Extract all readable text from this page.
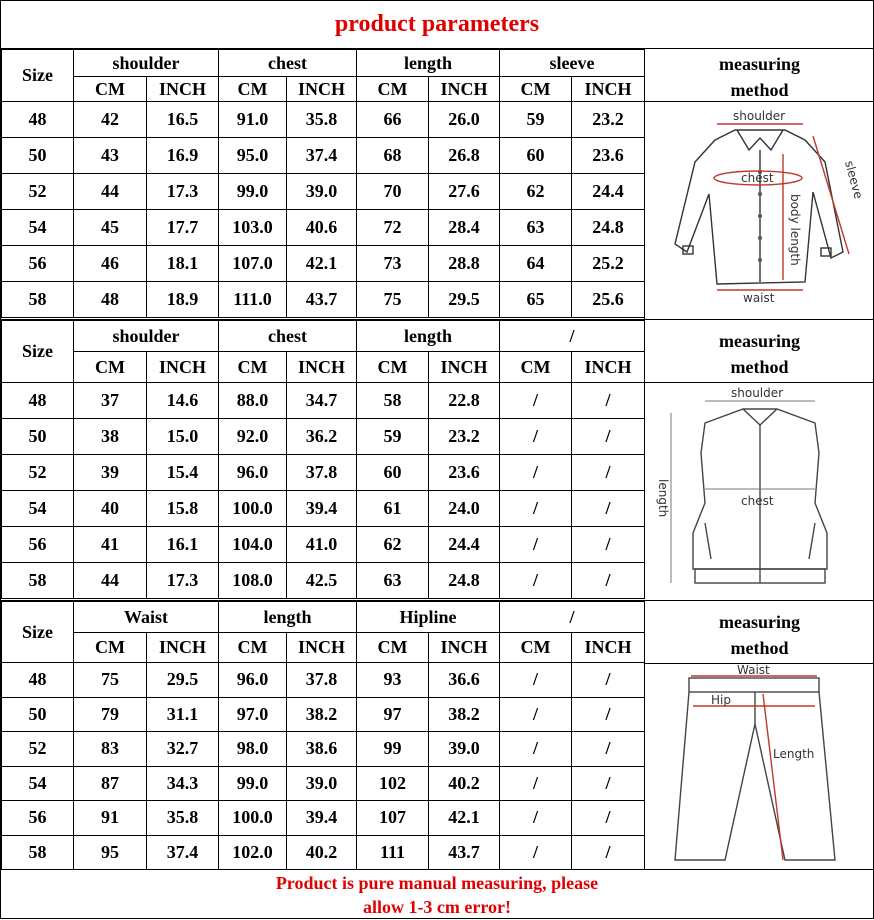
product parameters
Size	shoulder		chest		length		sleeve	
	CM	INCH	CM	INCH	CM	INCH	CM	INCH
48	42	16.5	91.0	35.8	66	26.0	59	23.2
50	43	16.9	95.0	37.4	68	26.8	60	23.6
52	44	17.3	99.0	39.0	70	27.6	62	24.4
54	45	17.7	103.0	40.6	72	28.4	63	24.8
56	46	18.1	107.0	42.1	73	28.8	64	25.2
58	48	18.9	111.0	43.7	75	29.5	65	25.6
measuring
method
shoulder
chest	sleeve
body length
waist
Size	shoulder		chest		length		/	
	CM	INCH	CM	INCH	CM	INCH	CM	INCH
48	37	14.6	88.0	34.7	58	22.8	/	/
50	38	15.0	92.0	36.2	59	23.2	/	/
52	39	15.4	96.0	37.8	60	23.6	/	/
54	40	15.8	100.0	39.4	61	24.0	/	/
56	41	16.1	104.0	41.0	62	24.4	/	/
58	44	17.3	108.0	42.5	63	24.8	/	/
measuring
method
shoulder
chest
length
Size	Waist		length		Hipline		/	
	CM	INCH	CM	INCH	CM	INCH	CM	INCH
48	75	29.5	96.0	37.8	93	36.6	/	/
50	79	31.1	97.0	38.2	97	38.2	/	/
52	83	32.7	98.0	38.6	99	39.0	/	/
54	87	34.3	99.0	39.0	102	40.2	/	/
56	91	35.8	100.0	39.4	107	42.1	/	/
58	95	37.4	102.0	40.2	111	43.7	/	/
measuring
method
Waist
Hip
Length
Product is pure manual measuring, please
allow 1-3 cm error!
